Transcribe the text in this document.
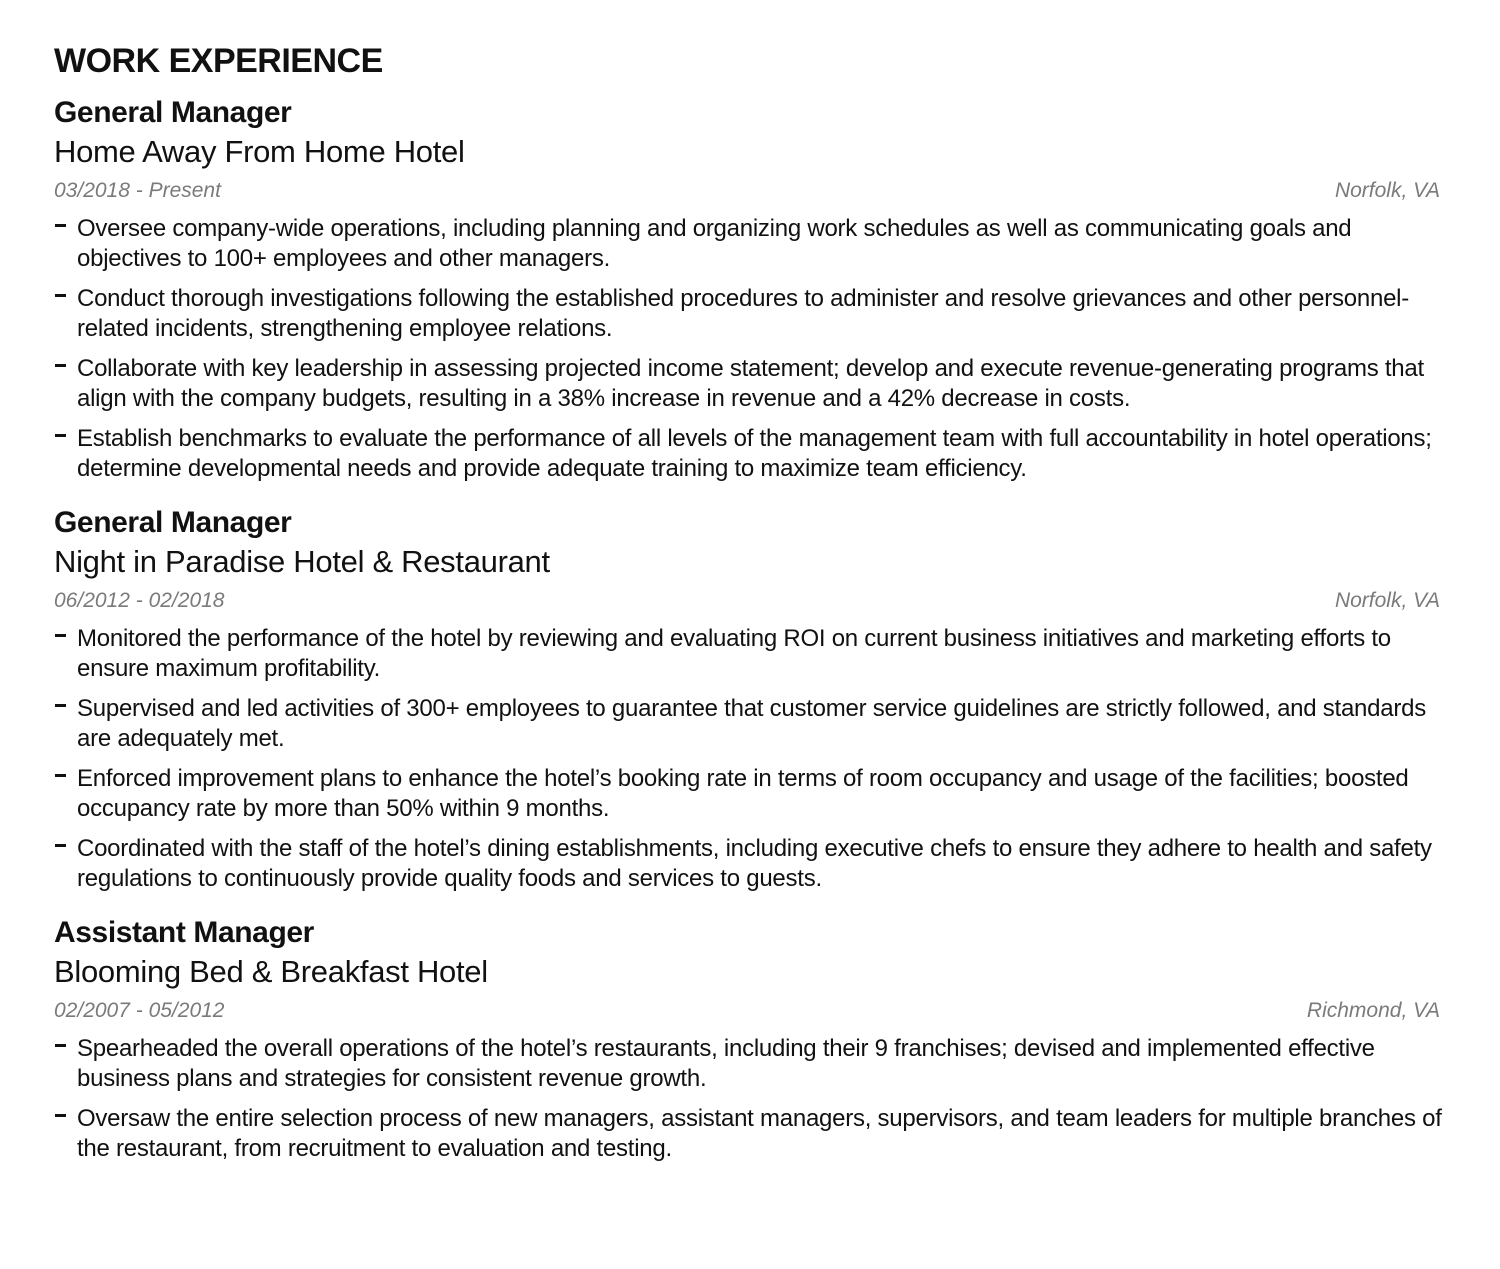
WORK EXPERIENCE
General Manager
Home Away From Home Hotel
03/2018 - Present	Norfolk, VA
Oversee company-wide operations, including planning and organizing work schedules as well as communicating goals and objectives to 100+ employees and other managers.
Conduct thorough investigations following the established procedures to administer and resolve grievances and other personnel-related incidents, strengthening employee relations.
Collaborate with key leadership in assessing projected income statement; develop and execute revenue-generating programs that align with the company budgets, resulting in a 38% increase in revenue and a 42% decrease in costs.
Establish benchmarks to evaluate the performance of all levels of the management team with full accountability in hotel operations; determine developmental needs and provide adequate training to maximize team efficiency.
General Manager
Night in Paradise Hotel & Restaurant
06/2012 - 02/2018	Norfolk, VA
Monitored the performance of the hotel by reviewing and evaluating ROI on current business initiatives and marketing efforts to ensure maximum profitability.
Supervised and led activities of 300+ employees to guarantee that customer service guidelines are strictly followed, and standards are adequately met.
Enforced improvement plans to enhance the hotel’s booking rate in terms of room occupancy and usage of the facilities; boosted occupancy rate by more than 50% within 9 months.
Coordinated with the staff of the hotel’s dining establishments, including executive chefs to ensure they adhere to health and safety regulations to continuously provide quality foods and services to guests.
Assistant Manager
Blooming Bed & Breakfast Hotel
02/2007 - 05/2012	Richmond, VA
Spearheaded the overall operations of the hotel’s restaurants, including their 9 franchises; devised and implemented effective business plans and strategies for consistent revenue growth.
Oversaw the entire selection process of new managers, assistant managers, supervisors, and team leaders for multiple branches of the restaurant, from recruitment to evaluation and testing.
